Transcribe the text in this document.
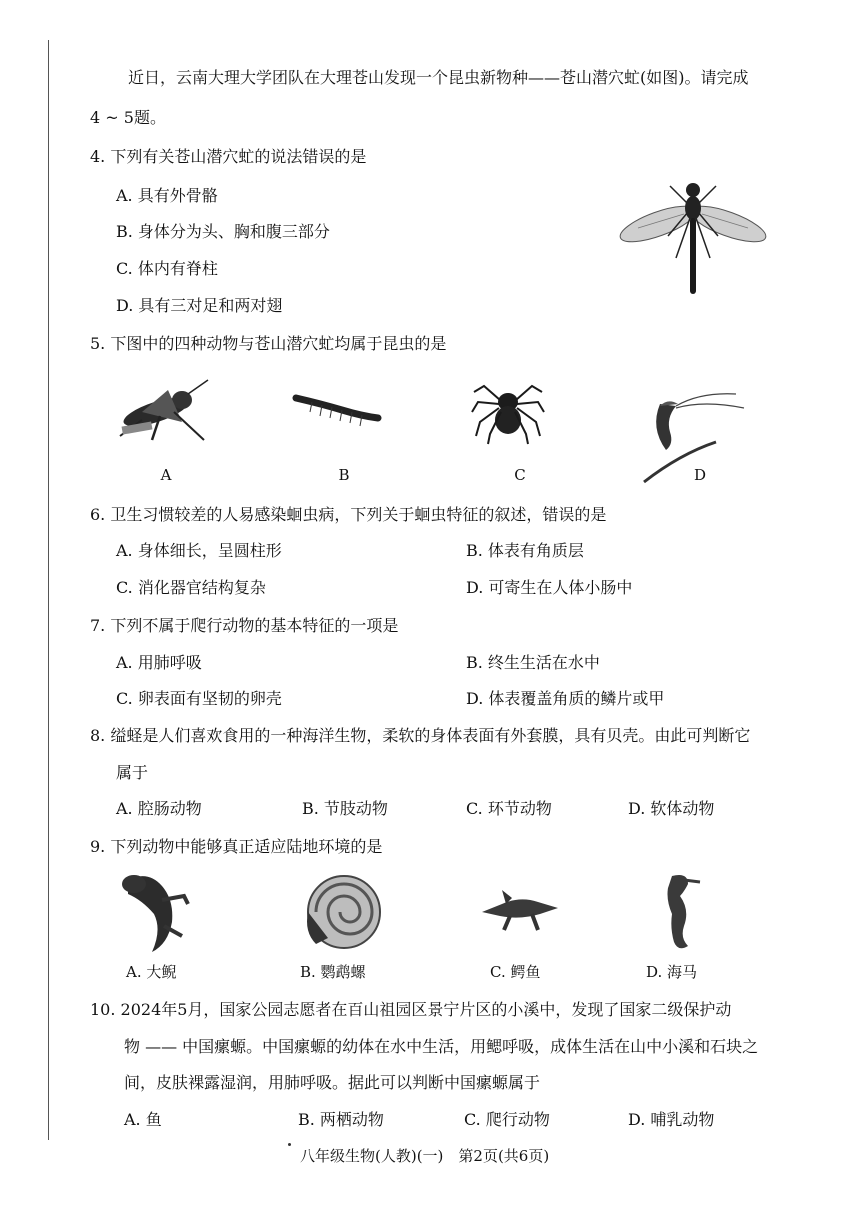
近日，云南大理大学团队在大理苍山发现一个昆虫新物种——苍山潜穴虻(如图)。请完成
4 ~ 5题。
4. 下列有关苍山潜穴虻的说法错误的是
A. 具有外骨骼
B. 身体分为头、胸和腹三部分
C. 体内有脊柱
D. 具有三对足和两对翅
5. 下图中的四种动物与苍山潜穴虻均属于昆虫的是
A	B	C	D
6. 卫生习惯较差的人易感染蛔虫病，下列关于蛔虫特征的叙述，错误的是
A. 身体细长，呈圆柱形	B. 体表有角质层
C. 消化器官结构复杂	D. 可寄生在人体小肠中
7. 下列不属于爬行动物的基本特征的一项是
A. 用肺呼吸	B. 终生生活在水中
C. 卵表面有坚韧的卵壳	D. 体表覆盖角质的鳞片或甲
8. 缢蛏是人们喜欢食用的一种海洋生物，柔软的身体表面有外套膜，具有贝壳。由此可判断它
属于
A. 腔肠动物	B. 节肢动物	C. 环节动物	D. 软体动物
9. 下列动物中能够真正适应陆地环境的是
A. 大鲵	B. 鹦鹉螺	C. 鳄鱼	D. 海马
10. 2024年5月，国家公园志愿者在百山祖园区景宁片区的小溪中，发现了国家二级保护动
物 —— 中国瘰螈。中国瘰螈的幼体在水中生活，用鳃呼吸，成体生活在山中小溪和石块之
间，皮肤裸露湿润，用肺呼吸。据此可以判断中国瘰螈属于
A. 鱼	B. 两栖动物	C. 爬行动物	D. 哺乳动物
八年级生物(人教)(一)　第2页(共6页)
